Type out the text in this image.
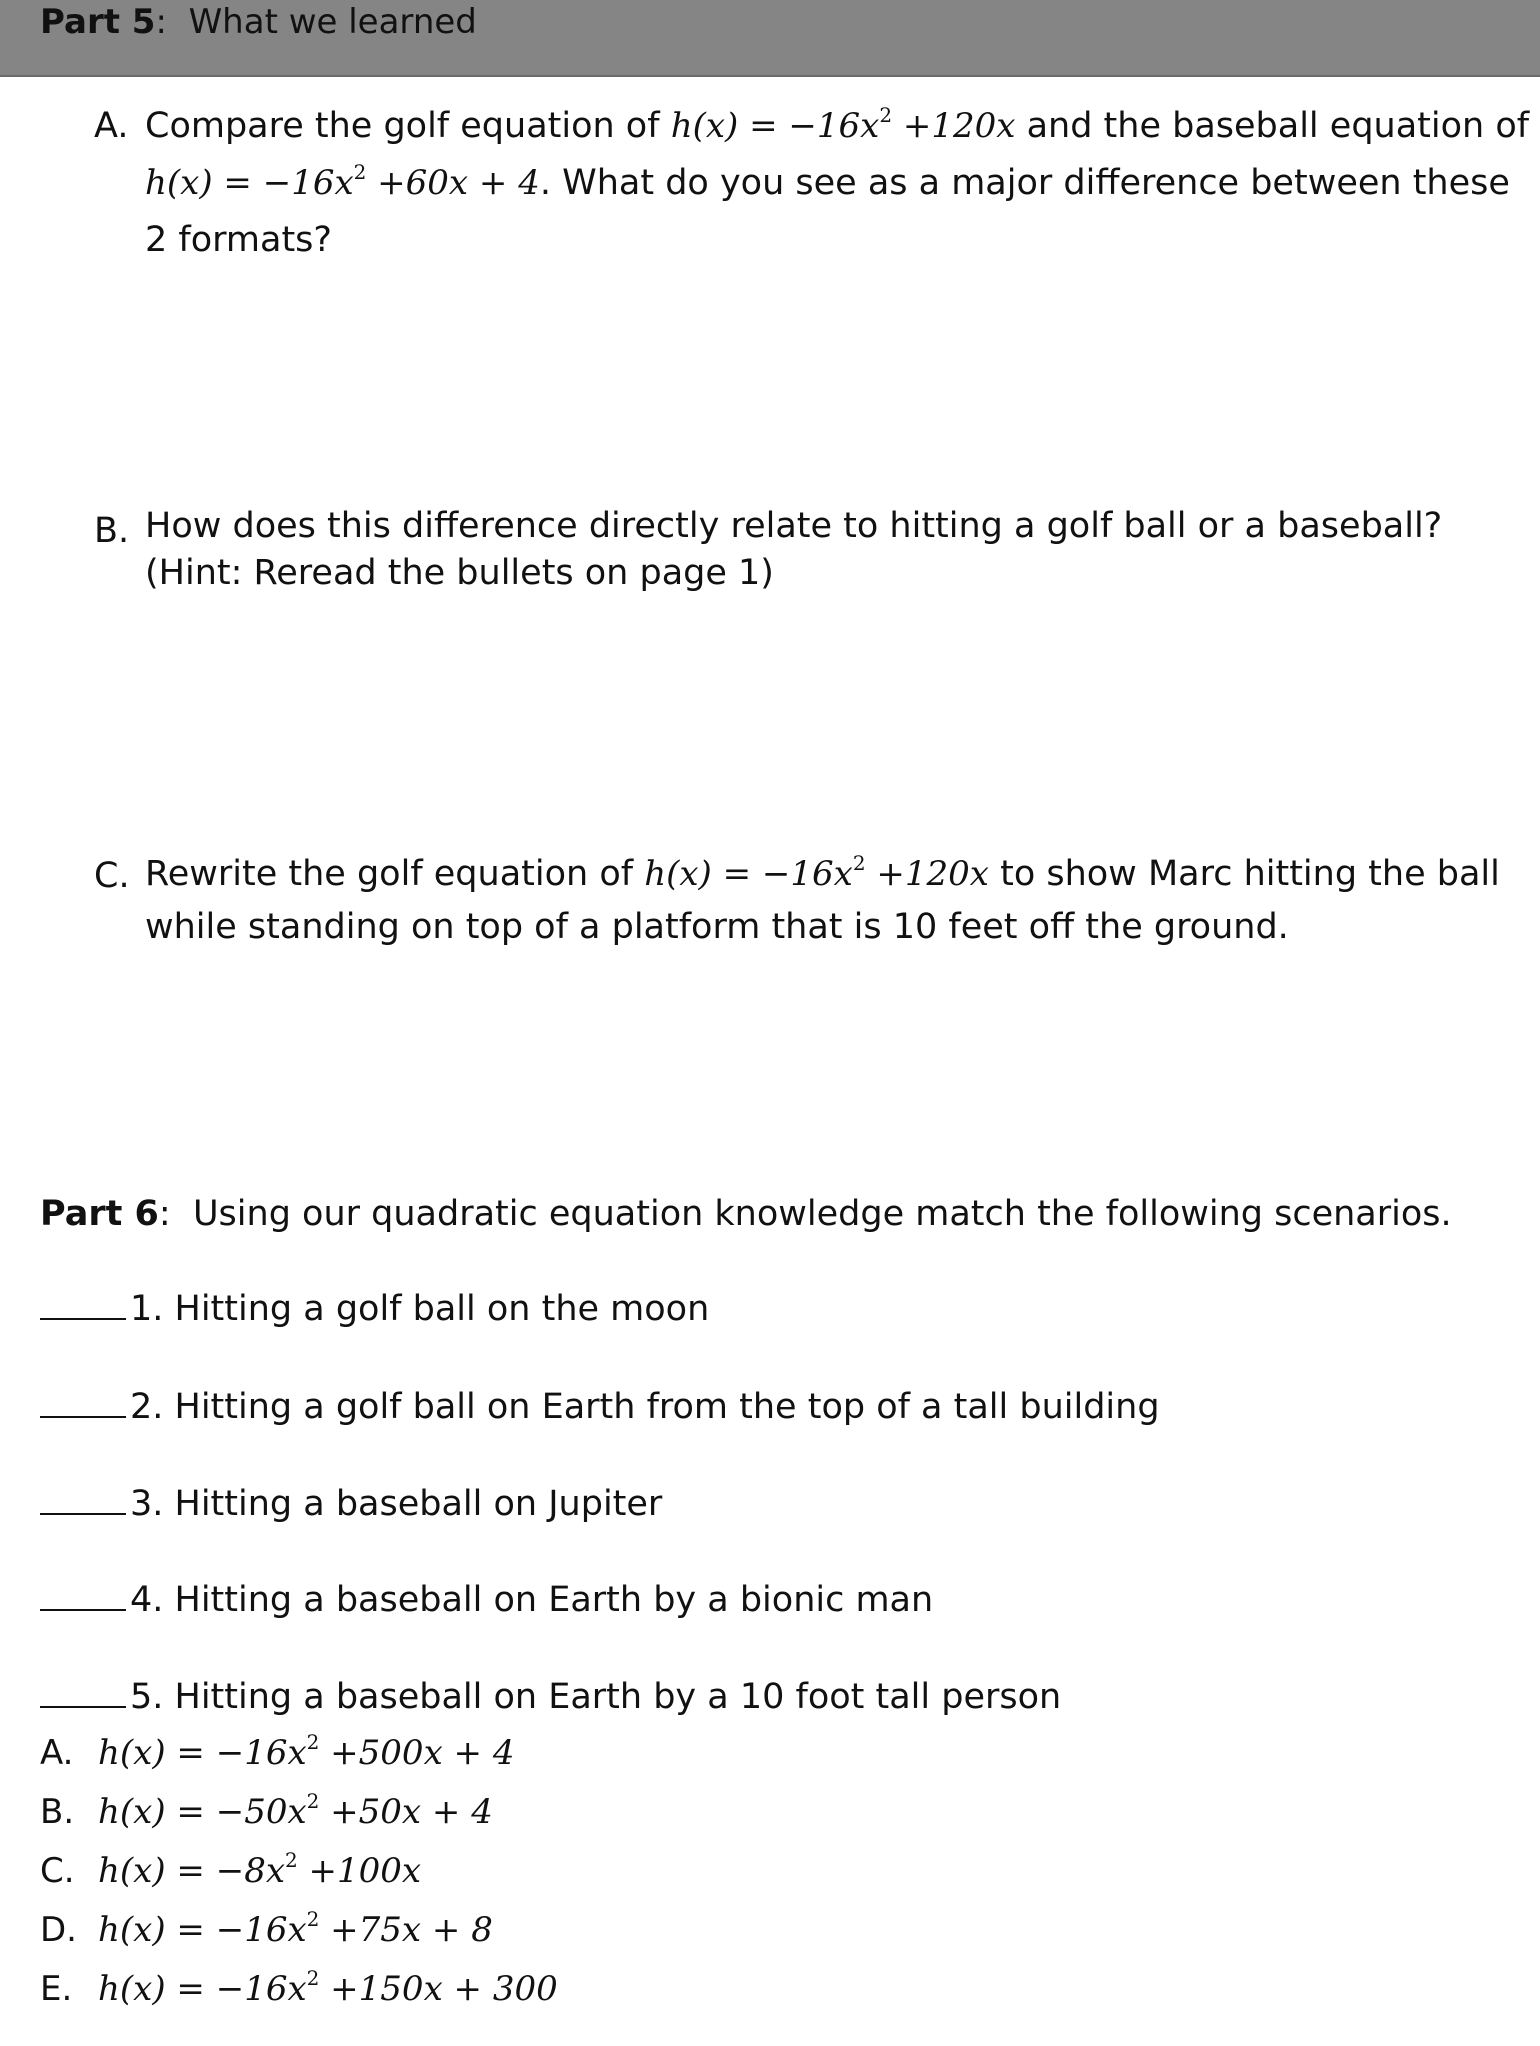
Part 5: What we learned
A. Compare the golf equation of $h(x) = -16x^2 +120x$ and the baseball equation of
$h(x) = -16x^2 +60x + 4$. What do you see as a major difference between these 2 formats?
B. How does this difference directly relate to hitting a golf ball or a baseball? (Hint: Reread the bullets on page 1)
C. Rewrite the golf equation of $h(x) = -16x^2 +120x$ to show Marc hitting the ball while standing on top of a platform that is 10 feet off the ground.
Part 6: Using our quadratic equation knowledge match the following scenarios.
1. Hitting a golf ball on the moon
2. Hitting a golf ball on Earth from the top of a tall building
3. Hitting a baseball on Jupiter
4. Hitting a baseball on Earth by a bionic man
5. Hitting a baseball on Earth by a 10 foot tall person
A. $h(x) = -16x^2 +500x + 4$
B. $h(x) = -50x^2 +50x + 4$
C. $h(x) = -8x^2 +100x$
D. $h(x) = -16x^2 +75x + 8$
E. $h(x) = -16x^2 +150x + 300$
